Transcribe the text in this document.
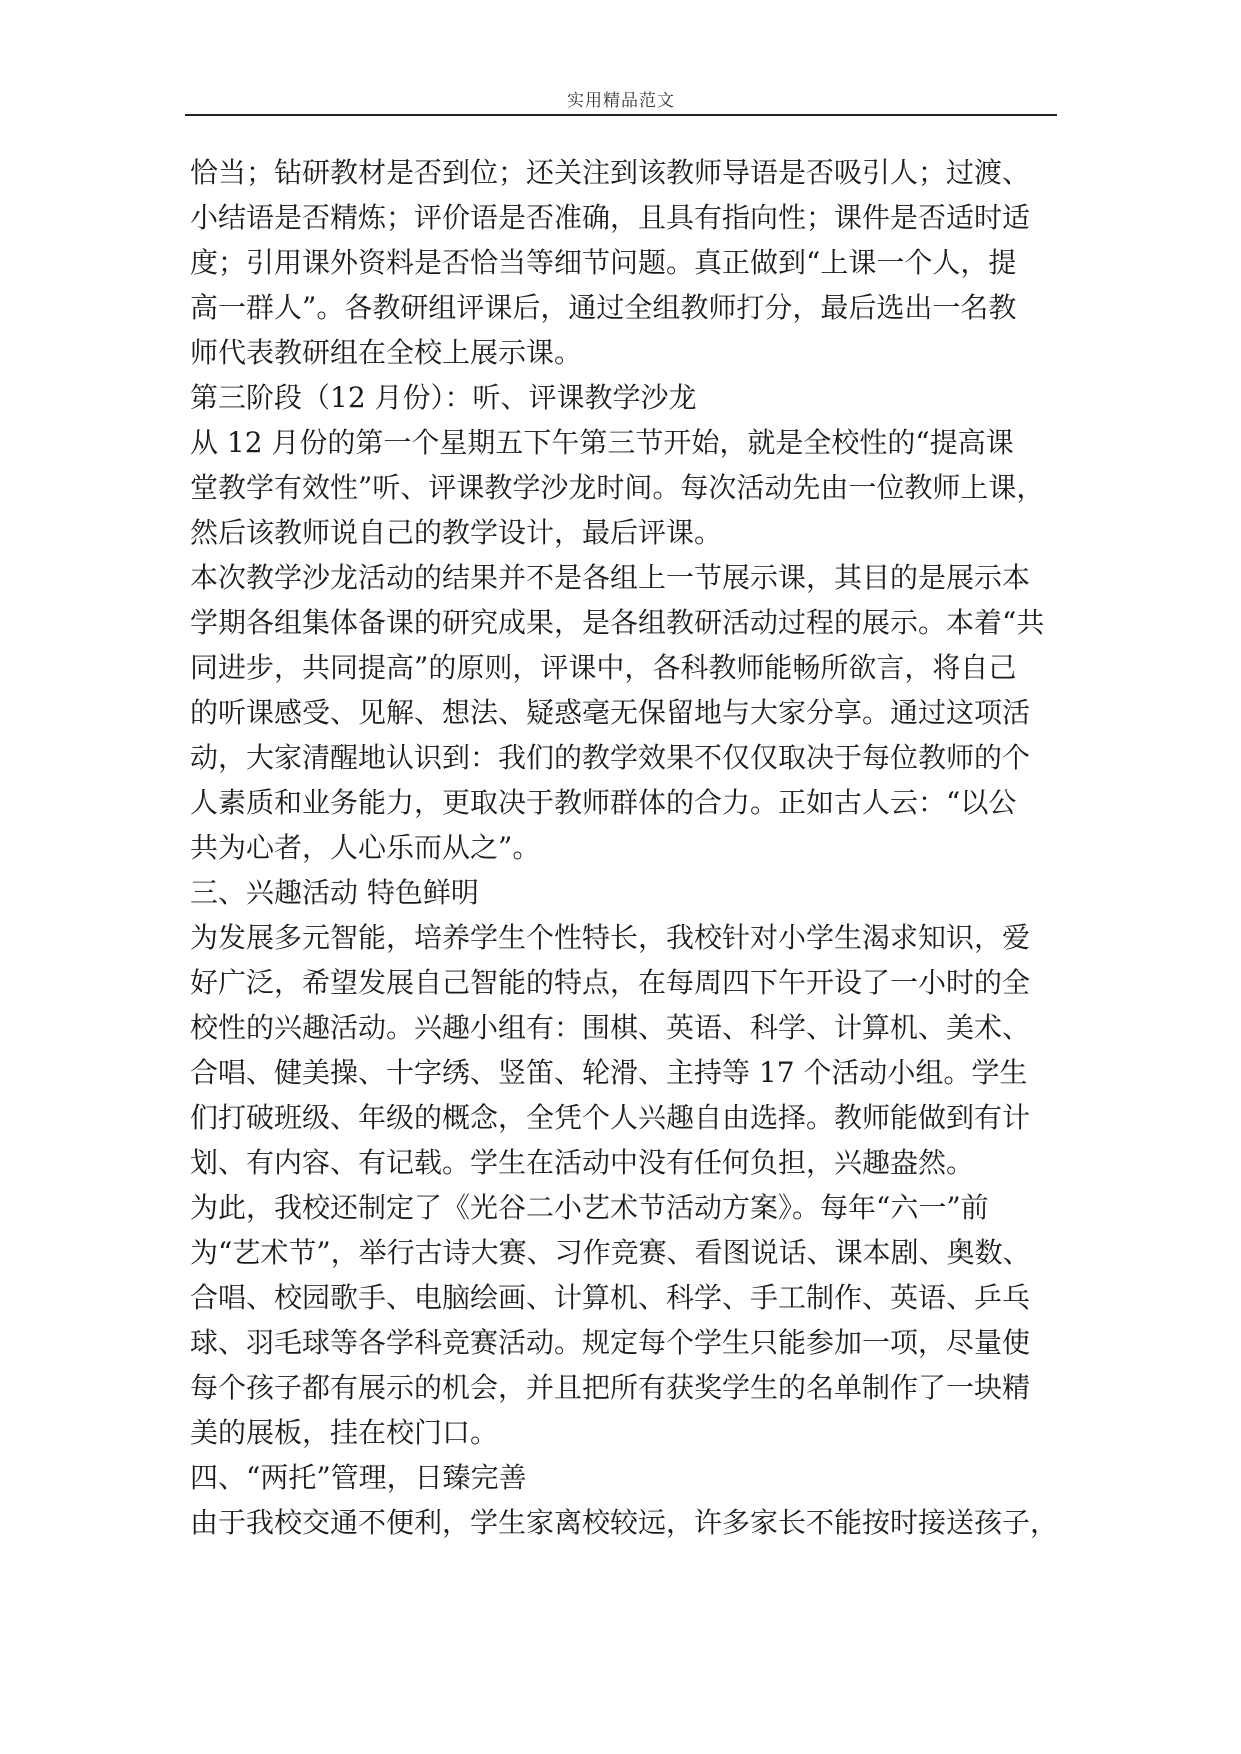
实用精品范文
恰当；钻研教材是否到位；还关注到该教师导语是否吸引人；过渡、
小结语是否精炼；评价语是否准确，且具有指向性；课件是否适时适
度；引用课外资料是否恰当等细节问题。真正做到“上课一个人，提
高一群人”。各教研组评课后，通过全组教师打分，最后选出一名教
师代表教研组在全校上展示课。
第三阶段（12 月份）：听、评课教学沙龙
从 12 月份的第一个星期五下午第三节开始，就是全校性的“提高课
堂教学有效性”听、评课教学沙龙时间。每次活动先由一位教师上课，
然后该教师说自己的教学设计，最后评课。
本次教学沙龙活动的结果并不是各组上一节展示课，其目的是展示本
学期各组集体备课的研究成果，是各组教研活动过程的展示。本着“共
同进步，共同提高”的原则，评课中，各科教师能畅所欲言，将自己
的听课感受、见解、想法、疑惑毫无保留地与大家分享。通过这项活
动，大家清醒地认识到：我们的教学效果不仅仅取决于每位教师的个
人素质和业务能力，更取决于教师群体的合力。正如古人云：“以公
共为心者，人心乐而从之”。
三、兴趣活动 特色鲜明
为发展多元智能，培养学生个性特长，我校针对小学生渴求知识，爱
好广泛，希望发展自己智能的特点，在每周四下午开设了一小时的全
校性的兴趣活动。兴趣小组有：围棋、英语、科学、计算机、美术、
合唱、健美操、十字绣、竖笛、轮滑、主持等 17 个活动小组。学生
们打破班级、年级的概念，全凭个人兴趣自由选择。教师能做到有计
划、有内容、有记载。学生在活动中没有任何负担，兴趣盎然。
为此，我校还制定了《光谷二小艺术节活动方案》。每年“六一”前
为“艺术节”，举行古诗大赛、习作竞赛、看图说话、课本剧、奥数、
合唱、校园歌手、电脑绘画、计算机、科学、手工制作、英语、乒乓
球、羽毛球等各学科竞赛活动。规定每个学生只能参加一项，尽量使
每个孩子都有展示的机会，并且把所有获奖学生的名单制作了一块精
美的展板，挂在校门口。
四、“两托”管理，日臻完善
由于我校交通不便利，学生家离校较远，许多家长不能按时接送孩子，
